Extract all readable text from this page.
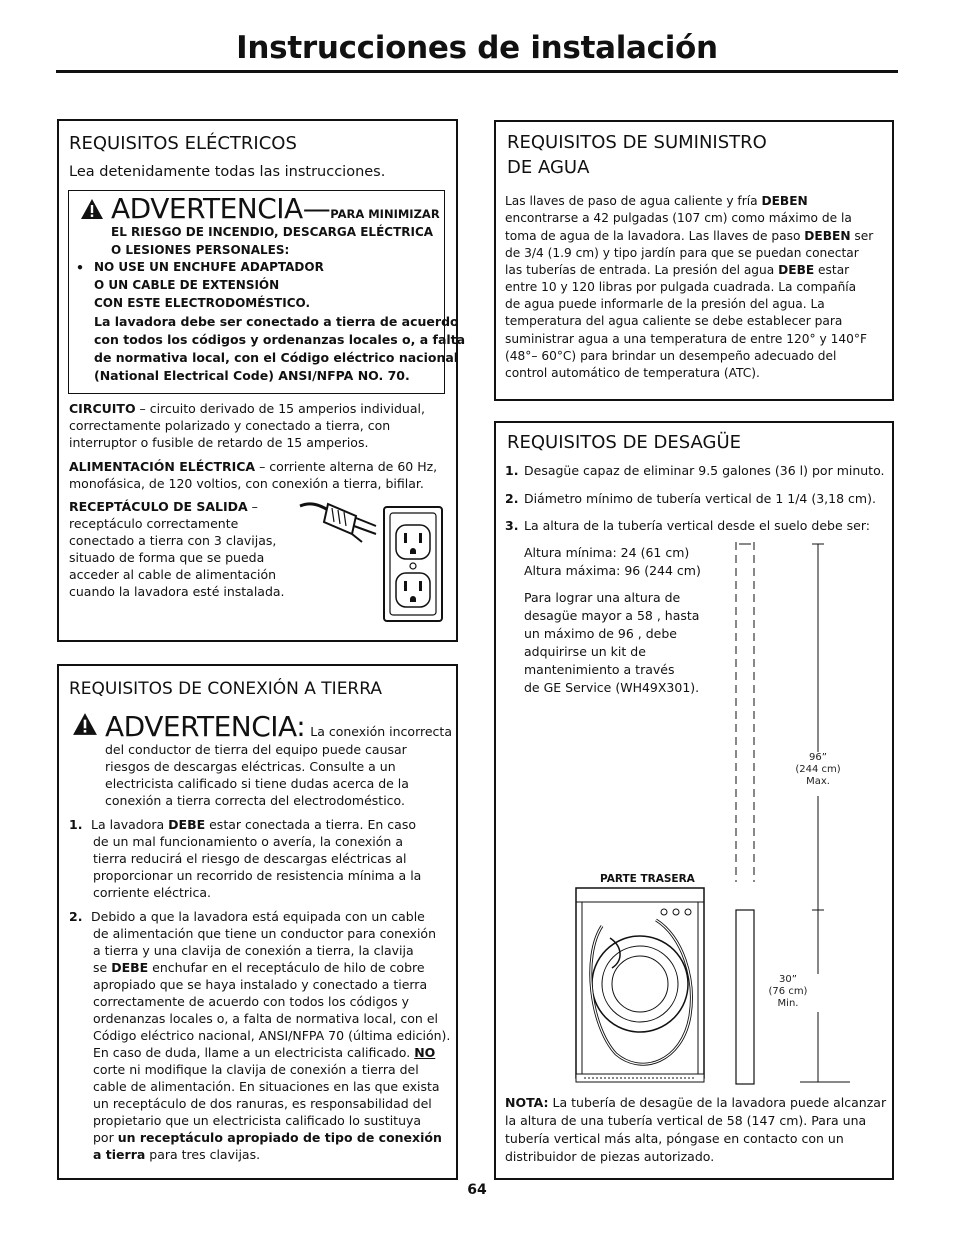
Instrucciones de instalación
REQUISITOS ELÉCTRICOS
Lea detenidamente todas las instrucciones.
ADVERTENCIA—PARA MINIMIZAR
EL RIESGO DE INCENDIO, DESCARGA ELÉCTRICA
O LESIONES PERSONALES:
• NO USE UN ENCHUFE ADAPTADOR
O UN CABLE DE EXTENSIÓN
CON ESTE ELECTRODOMÉSTICO.
La lavadora debe ser conectado a tierra de acuerdo
con todos los códigos y ordenanzas locales o, a falta
de normativa local, con el Código eléctrico nacional
(National Electrical Code) ANSI/NFPA NO. 70.
CIRCUITO – circuito derivado de 15 amperios individual,
correctamente polarizado y conectado a tierra, con
interruptor o fusible de retardo de 15 amperios.
ALIMENTACIÓN ELÉCTRICA – corriente alterna de 60 Hz,
monofásica, de 120 voltios, con conexión a tierra, bifilar.
RECEPTÁCULO DE SALIDA –
receptáculo correctamente
conectado a tierra con 3 clavijas,
situado de forma que se pueda
acceder al cable de alimentación
cuando la lavadora esté instalada.
REQUISITOS DE CONEXIÓN A TIERRA
ADVERTENCIA: La conexión incorrecta
del conductor de tierra del equipo puede causar
riesgos de descargas eléctricas. Consulte a un
electricista calificado si tiene dudas acerca de la
conexión a tierra correcta del electrodoméstico.
1. La lavadora DEBE estar conectada a tierra. En caso
de un mal funcionamiento o avería, la conexión a
tierra reducirá el riesgo de descargas eléctricas al
proporcionar un recorrido de resistencia mínima a la
corriente eléctrica.
2. Debido a que la lavadora está equipada con un cable
de alimentación que tiene un conductor para conexión
a tierra y una clavija de conexión a tierra, la clavija
se DEBE enchufar en el receptáculo de hilo de cobre
apropiado que se haya instalado y conectado a tierra
correctamente de acuerdo con todos los códigos y
ordenanzas locales o, a falta de normativa local, con el
Código eléctrico nacional, ANSI/NFPA 70 (última edición).
En caso de duda, llame a un electricista calificado. NO
corte ni modifique la clavija de conexión a tierra del
cable de alimentación. En situaciones en las que exista
un receptáculo de dos ranuras, es responsabilidad del
propietario que un electricista calificado lo sustituya
por un receptáculo apropiado de tipo de conexión
a tierra para tres clavijas.
REQUISITOS DE SUMINISTRO
DE AGUA
Las llaves de paso de agua caliente y fría DEBEN
encontrarse a 42 pulgadas (107 cm) como máximo de la
toma de agua de la lavadora. Las llaves de paso DEBEN ser
de 3/4 (1.9 cm) y tipo jardín para que se puedan conectar
las tuberías de entrada. La presión del agua DEBE estar
entre 10 y 120 libras por pulgada cuadrada. La compañía
de agua puede informarle de la presión del agua. La
temperatura del agua caliente se debe establecer para
suministrar agua a una temperatura de entre 120° y 140°F
(48°– 60°C) para brindar un desempeño adecuado del
control automático de temperatura (ATC).
REQUISITOS DE DESAGÜE
1. Desagüe capaz de eliminar 9.5 galones (36 l) por minuto.
2. Diámetro mínimo de tubería vertical de 1 1/4 (3,18 cm).
3. La altura de la tubería vertical desde el suelo debe ser:
Altura mínima: 24 (61 cm)
Altura máxima: 96 (244 cm)
Para lograr una altura de
desagüe mayor a 58 , hasta
un máximo de 96 , debe
adquirirse un kit de
mantenimiento a través
de GE Service (WH49X301).
96”
(244 cm)
Max.
30”
(76 cm)
Min.
PARTE TRASERA
NOTA: La tubería de desagüe de la lavadora puede alcanzar
la altura de una tubería vertical de 58 (147 cm). Para una
tubería vertical más alta, póngase en contacto con un
distribuidor de piezas autorizado.
64
